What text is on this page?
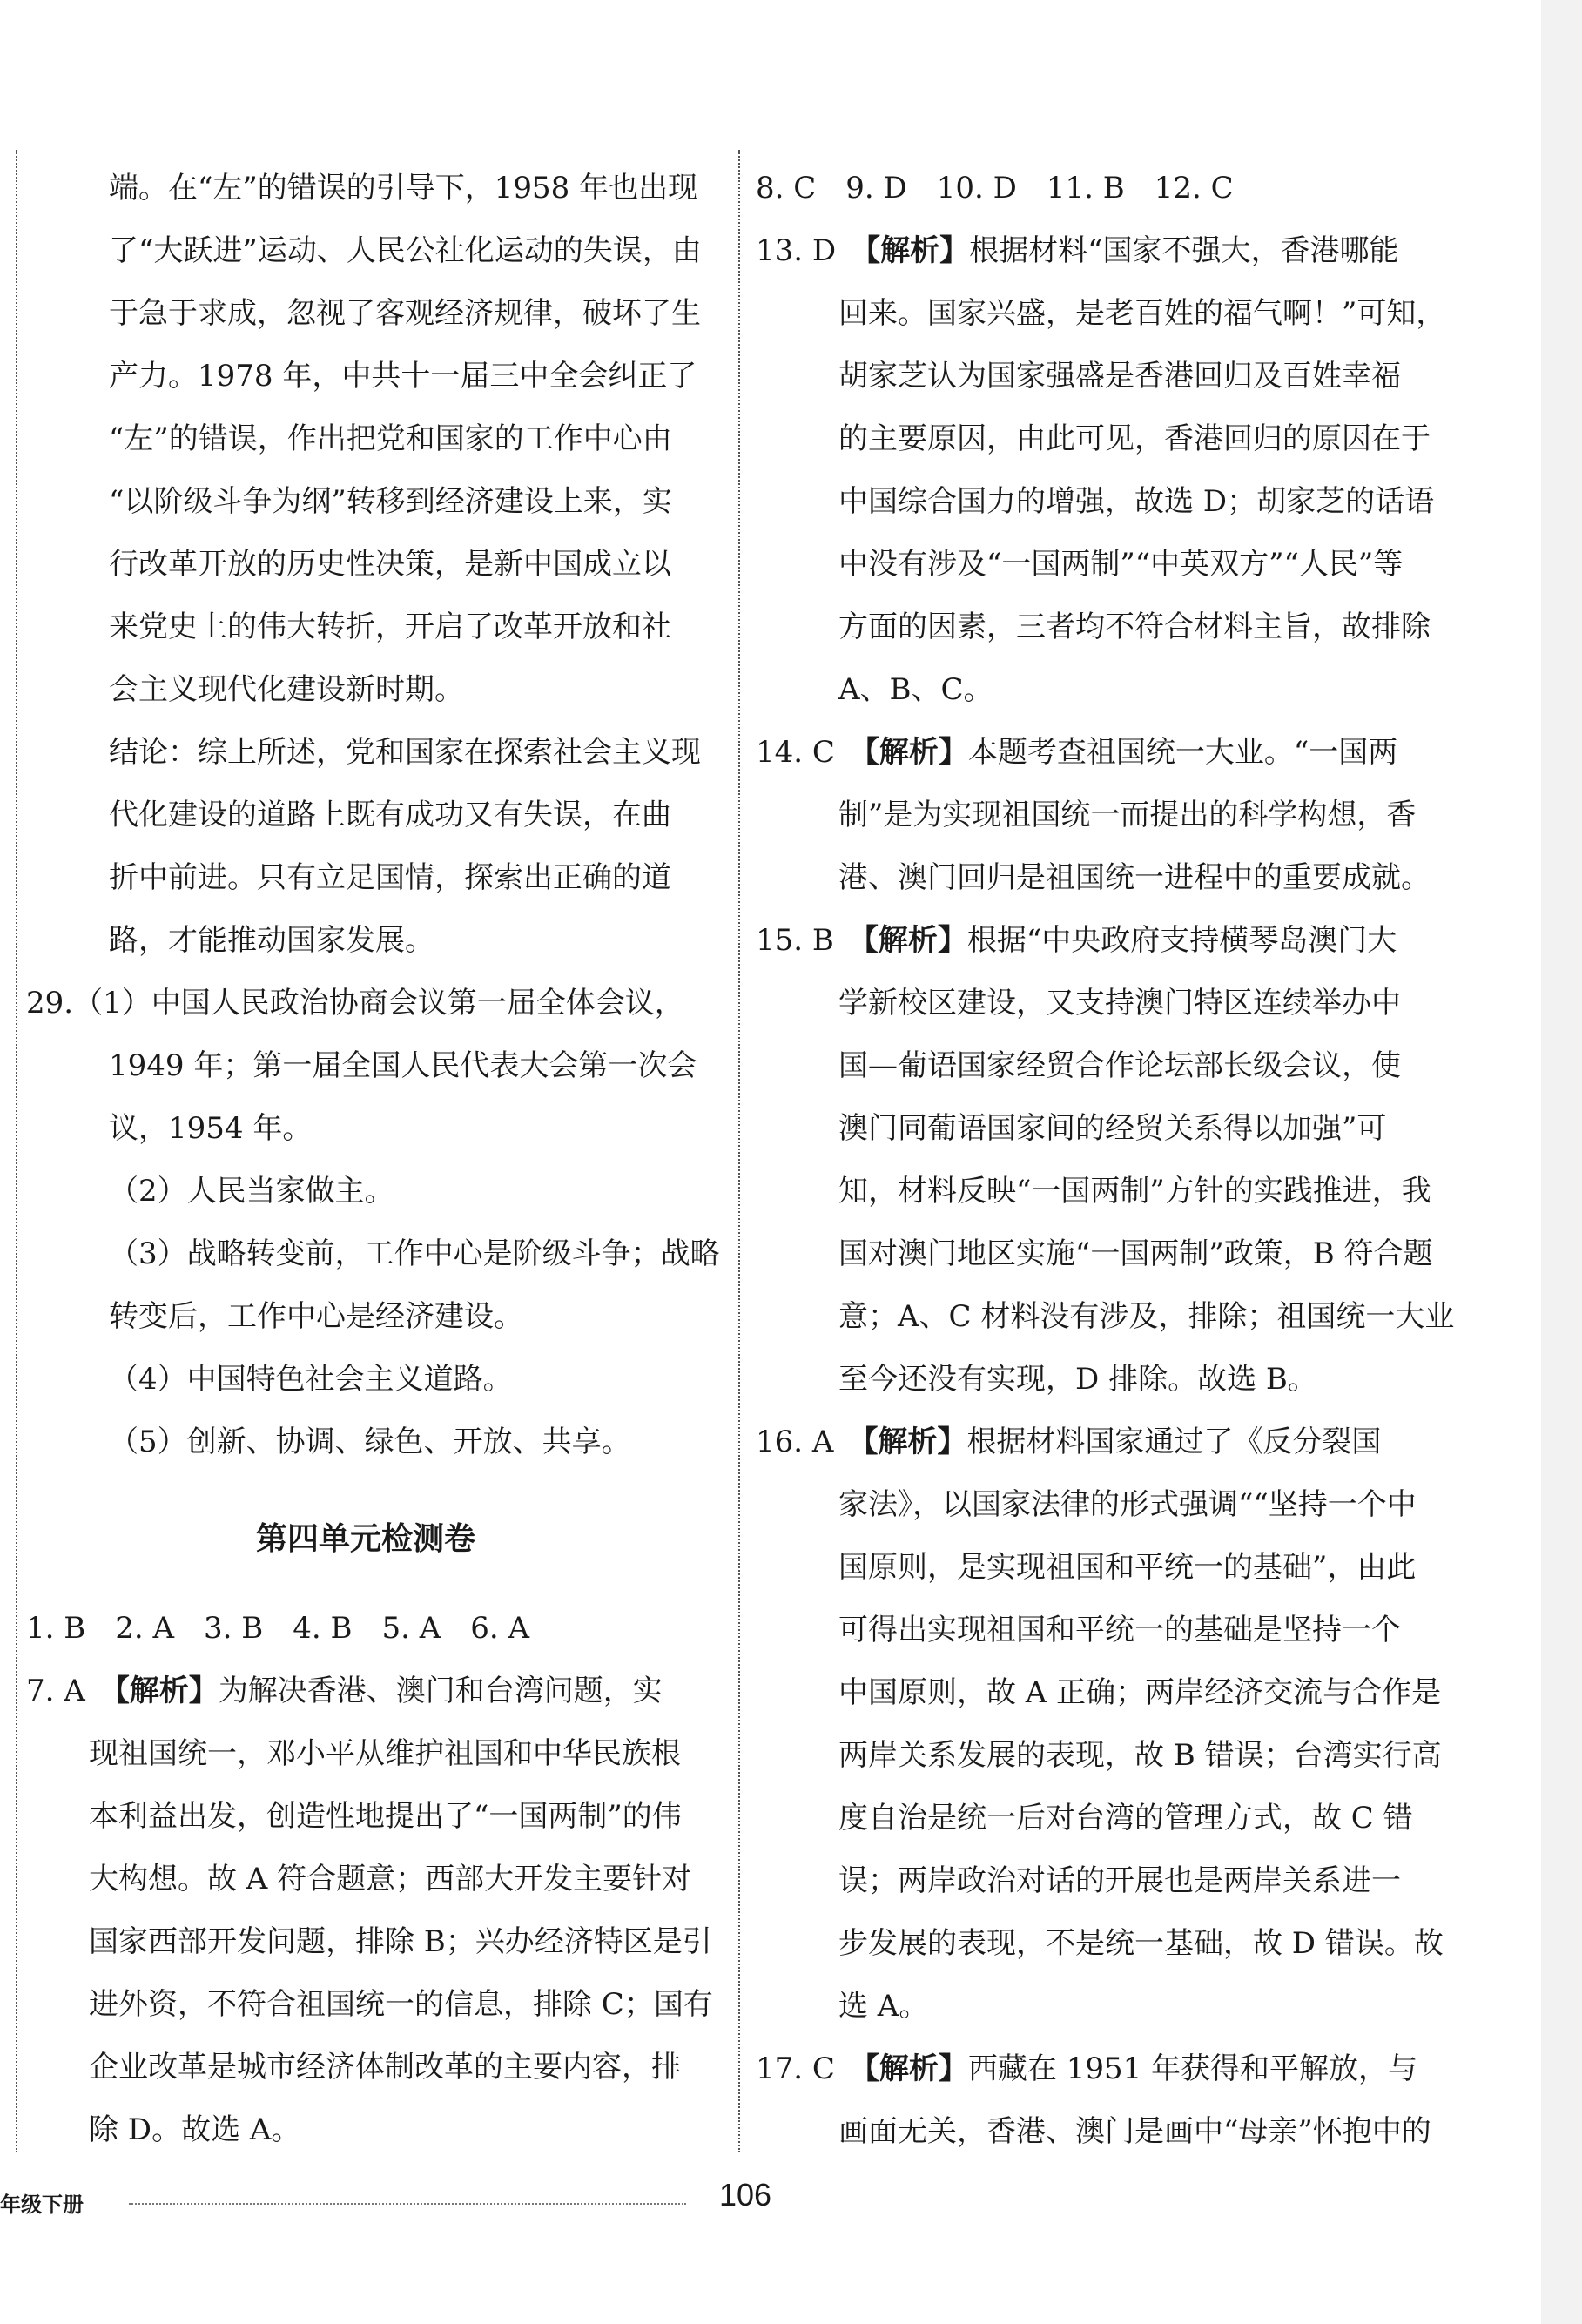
端。在“左”的错误的引导下，1958 年也出现

了“大跃进”运动、人民公社化运动的失误，由

于急于求成，忽视了客观经济规律，破坏了生

产力。1978 年，中共十一届三中全会纠正了

“左”的错误，作出把党和国家的工作中心由

“以阶级斗争为纲”转移到经济建设上来，实

行改革开放的历史性决策，是新中国成立以

来党史上的伟大转折，开启了改革开放和社

会主义现代化建设新时期。

结论：综上所述，党和国家在探索社会主义现

代化建设的道路上既有成功又有失误，在曲

折中前进。只有立足国情，探索出正确的道

路，才能推动国家发展。

29.（1）中国人民政治协商会议第一届全体会议，

1949 年；第一届全国人民代表大会第一次会

议，1954 年。

（2）人民当家做主。

（3）战略转变前，工作中心是阶级斗争；战略

转变后，工作中心是经济建设。

（4）中国特色社会主义道路。

（5）创新、协调、绿色、开放、共享。

第四单元检测卷

1. B　2. A　3. B　4. B　5. A　6. A

7. A　【解析】为解决香港、澳门和台湾问题，实

现祖国统一，邓小平从维护祖国和中华民族根

本利益出发，创造性地提出了“一国两制”的伟

大构想。故 A 符合题意；西部大开发主要针对

国家西部开发问题，排除 B；兴办经济特区是引

进外资，不符合祖国统一的信息，排除 C；国有

企业改革是城市经济体制改革的主要内容，排

除 D。故选 A。

8. C　9. D　10. D　11. B　12. C

13. D　【解析】根据材料“国家不强大，香港哪能

回来。国家兴盛，是老百姓的福气啊！”可知，

胡家芝认为国家强盛是香港回归及百姓幸福

的主要原因，由此可见，香港回归的原因在于

中国综合国力的增强，故选 D；胡家芝的话语

中没有涉及“一国两制”“中英双方”“人民”等

方面的因素，三者均不符合材料主旨，故排除

A、B、C。

14. C　【解析】本题考查祖国统一大业。“一国两

制”是为实现祖国统一而提出的科学构想，香

港、澳门回归是祖国统一进程中的重要成就。

15. B　【解析】根据“中央政府支持横琴岛澳门大

学新校区建设，又支持澳门特区连续举办中

国—葡语国家经贸合作论坛部长级会议，使

澳门同葡语国家间的经贸关系得以加强”可

知，材料反映“一国两制”方针的实践推进，我

国对澳门地区实施“一国两制”政策，B 符合题

意；A、C 材料没有涉及，排除；祖国统一大业

至今还没有实现，D 排除。故选 B。

16. A　【解析】根据材料国家通过了《反分裂国

家法》，以国家法律的形式强调““坚持一个中

国原则，是实现祖国和平统一的基础”，由此

可得出实现祖国和平统一的基础是坚持一个

中国原则，故 A 正确；两岸经济交流与合作是

两岸关系发展的表现，故 B 错误；台湾实行高

度自治是统一后对台湾的管理方式，故 C 错

误；两岸政治对话的开展也是两岸关系进一

步发展的表现，不是统一基础，故 D 错误。故

选 A。

17. C　【解析】西藏在 1951 年获得和平解放，与

画面无关，香港、澳门是画中“母亲”怀抱中的

年级下册	106
